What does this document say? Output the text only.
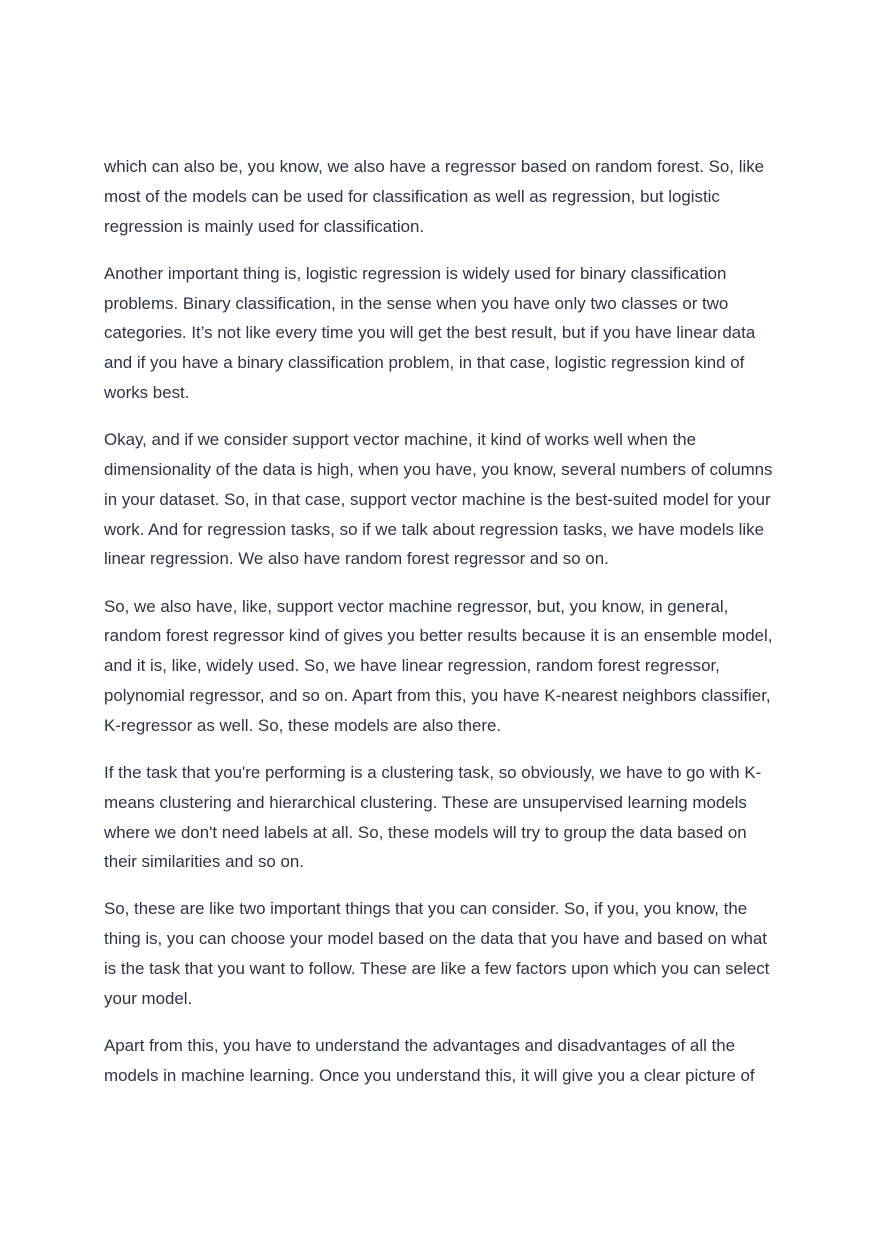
which can also be, you know, we also have a regressor based on random forest. So, like most of the models can be used for classification as well as regression, but logistic regression is mainly used for classification.

Another important thing is, logistic regression is widely used for binary classification problems. Binary classification, in the sense when you have only two classes or two categories. It’s not like every time you will get the best result, but if you have linear data and if you have a binary classification problem, in that case, logistic regression kind of works best.

Okay, and if we consider support vector machine, it kind of works well when the dimensionality of the data is high, when you have, you know, several numbers of columns in your dataset. So, in that case, support vector machine is the best-suited model for your work. And for regression tasks, so if we talk about regression tasks, we have models like linear regression. We also have random forest regressor and so on.

So, we also have, like, support vector machine regressor, but, you know, in general, random forest regressor kind of gives you better results because it is an ensemble model, and it is, like, widely used. So, we have linear regression, random forest regressor, polynomial regressor, and so on. Apart from this, you have K-nearest neighbors classifier, K-regressor as well. So, these models are also there.

If the task that you're performing is a clustering task, so obviously, we have to go with K-means clustering and hierarchical clustering. These are unsupervised learning models where we don't need labels at all. So, these models will try to group the data based on their similarities and so on.

So, these are like two important things that you can consider. So, if you, you know, the thing is, you can choose your model based on the data that you have and based on what is the task that you want to follow. These are like a few factors upon which you can select your model.

Apart from this, you have to understand the advantages and disadvantages of all the models in machine learning. Once you understand this, it will give you a clear picture of
